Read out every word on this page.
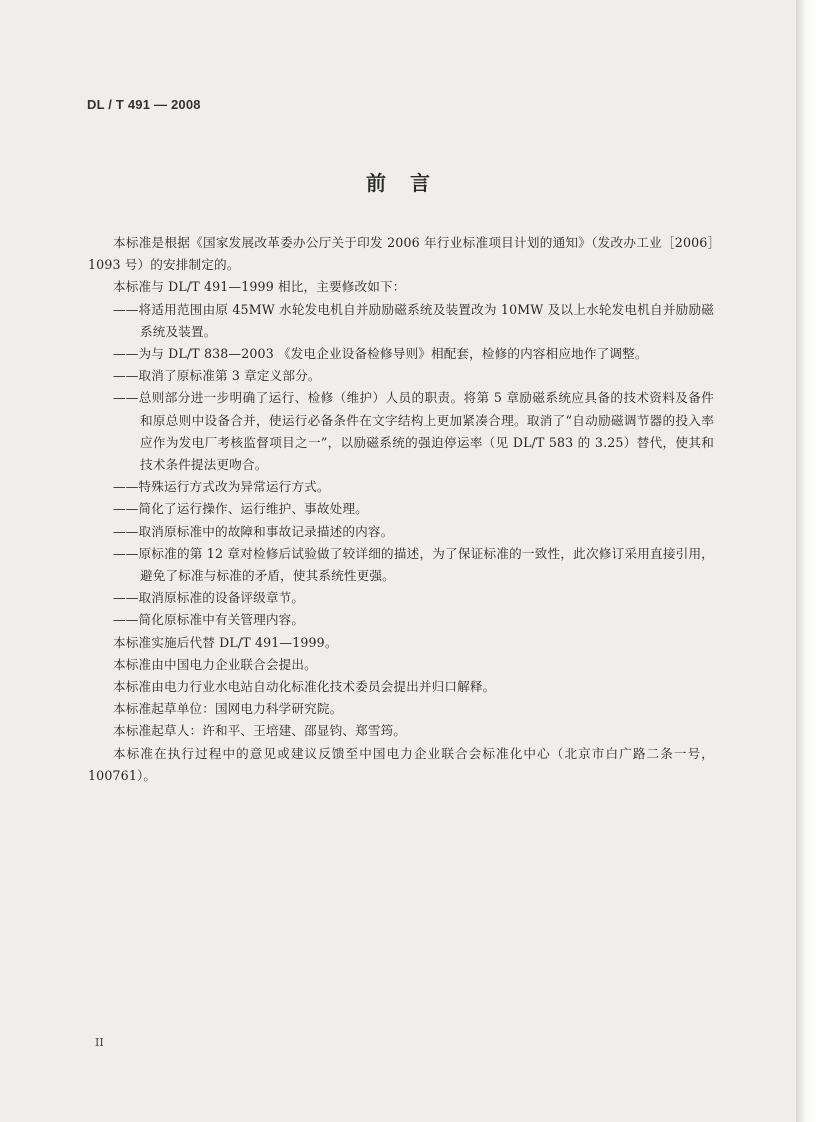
DL / T 491 — 2008
前言

本标准是根据《国家发展改革委办公厅关于印发 2006 年行业标准项目计划的通知》（发改办工业［2006］1093 号）的安排制定的。

本标准与 DL/T 491—1999 相比，主要修改如下：

——将适用范围由原 45MW 水轮发电机自并励励磁系统及装置改为 10MW 及以上水轮发电机自并励励磁系统及装置。

——为与 DL/T 838—2003 《发电企业设备检修导则》相配套，检修的内容相应地作了调整。

——取消了原标准第 3 章定义部分。

——总则部分进一步明确了运行、检修（维护）人员的职责。将第 5 章励磁系统应具备的技术资料及备件和原总则中设备合并，使运行必备条件在文字结构上更加紧凑合理。取消了“自动励磁调节器的投入率应作为发电厂考核监督项目之一”，以励磁系统的强迫停运率（见 DL/T 583 的 3.25）替代，使其和技术条件提法更吻合。

——特殊运行方式改为异常运行方式。

——简化了运行操作、运行维护、事故处理。

——取消原标准中的故障和事故记录描述的内容。

——原标准的第 12 章对检修后试验做了较详细的描述，为了保证标准的一致性，此次修订采用直接引用，避免了标准与标准的矛盾，使其系统性更强。

——取消原标准的设备评级章节。

——简化原标准中有关管理内容。

本标准实施后代替 DL/T 491—1999。

本标准由中国电力企业联合会提出。

本标准由电力行业水电站自动化标准化技术委员会提出并归口解释。

本标准起草单位：国网电力科学研究院。

本标准起草人：许和平、王培建、邵显钧、郑雪筠。

本标准在执行过程中的意见或建议反馈至中国电力企业联合会标准化中心（北京市白广路二条一号，100761）。

II
